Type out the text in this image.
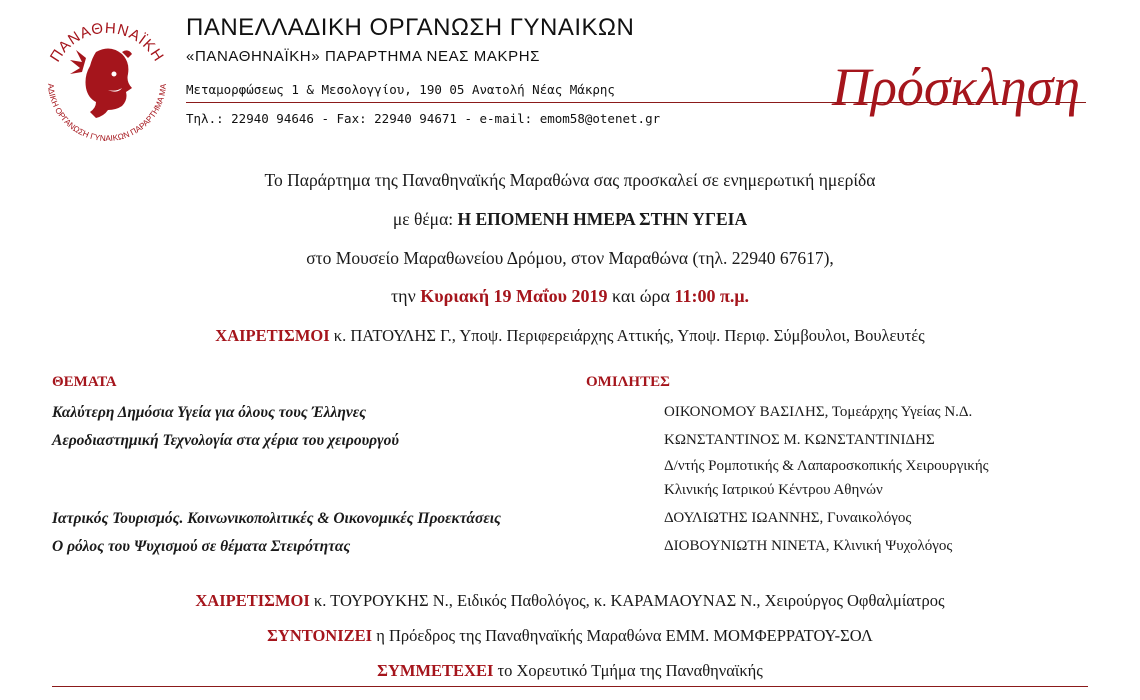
ΠΑΝΑΘΗΝΑΪΚΗ
ΑΔΙΚΗ ΟΡΓΑΝΩΣΗ ΓΥΝΑΙΚΩΝ ΠΑΡΑΡΤΗΜΑ ΜΑ
ΠΑΝΕΛΛΑΔΙΚΗ ΟΡΓΑΝΩΣΗ ΓΥΝΑΙΚΩΝ
«ΠΑΝΑΘΗΝΑΪΚΗ» ΠΑΡΑΡΤΗΜΑ ΝΕΑΣ ΜΑΚΡΗΣ
Μεταμορφώσεως 1 & Μεσολογγίου, 190 05 Ανατολή Νέας Μάκρης
Τηλ.: 22940 94646 - Fax: 22940 94671 - e-mail: emom58@otenet.gr
Πρόσκληση
Το Παράρτημα της Παναθηναϊκής Μαραθώνα σας προσκαλεί σε ενημερωτική ημερίδα
με θέμα: Η ΕΠΟΜΕΝΗ ΗΜΕΡΑ ΣΤΗΝ ΥΓΕΙΑ
στο Μουσείο Μαραθωνείου Δρόμου, στον Μαραθώνα (τηλ. 22940 67617),
την Κυριακή 19 Μαΐου 2019 και ώρα 11:00 π.μ.
ΧΑΙΡΕΤΙΣΜΟΙ κ. ΠΑΤΟΥΛΗΣ Γ., Υποψ. Περιφερειάρχης Αττικής, Υποψ. Περιφ. Σύμβουλοι, Βουλευτές
ΘΕΜΑΤΑ	ΟΜΙΛΗΤΕΣ
Καλύτερη Δημόσια Υγεία για όλους τους Έλληνες	ΟΙΚΟΝΟΜΟΥ ΒΑΣΙΛΗΣ, Τομεάρχης Υγείας Ν.Δ.
Αεροδιαστημική Τεχνολογία στα χέρια του χειρουργού	ΚΩΝΣΤΑΝΤΙΝΟΣ Μ. ΚΩΝΣΤΑΝΤΙΝΙΔΗΣ
Δ/ντής Ρομποτικής & Λαπαροσκοπικής Χειρουργικής
Κλινικής Ιατρικού Κέντρου Αθηνών
Ιατρικός Τουρισμός. Κοινωνικοπολιτικές & Οικονομικές Προεκτάσεις	ΔΟΥΛΙΩΤΗΣ ΙΩΑΝΝΗΣ, Γυναικολόγος
Ο ρόλος του Ψυχισμού σε θέματα Στειρότητας	ΔΙΟΒΟΥΝΙΩΤΗ ΝΙΝΕΤΑ, Κλινική Ψυχολόγος
ΧΑΙΡΕΤΙΣΜΟΙ κ. ΤΟΥΡΟΥΚΗΣ Ν., Ειδικός Παθολόγος, κ. ΚΑΡΑΜΑΟΥΝΑΣ Ν., Χειρούργος Οφθαλμίατρος
ΣΥΝΤΟΝΙΖΕΙ η Πρόεδρος της Παναθηναϊκής Μαραθώνα ΕΜΜ. ΜΟΜΦΕΡΡΑΤΟΥ-ΣΟΛ
ΣΥΜΜΕΤΕΧΕΙ το Χορευτικό Τμήμα της Παναθηναϊκής
